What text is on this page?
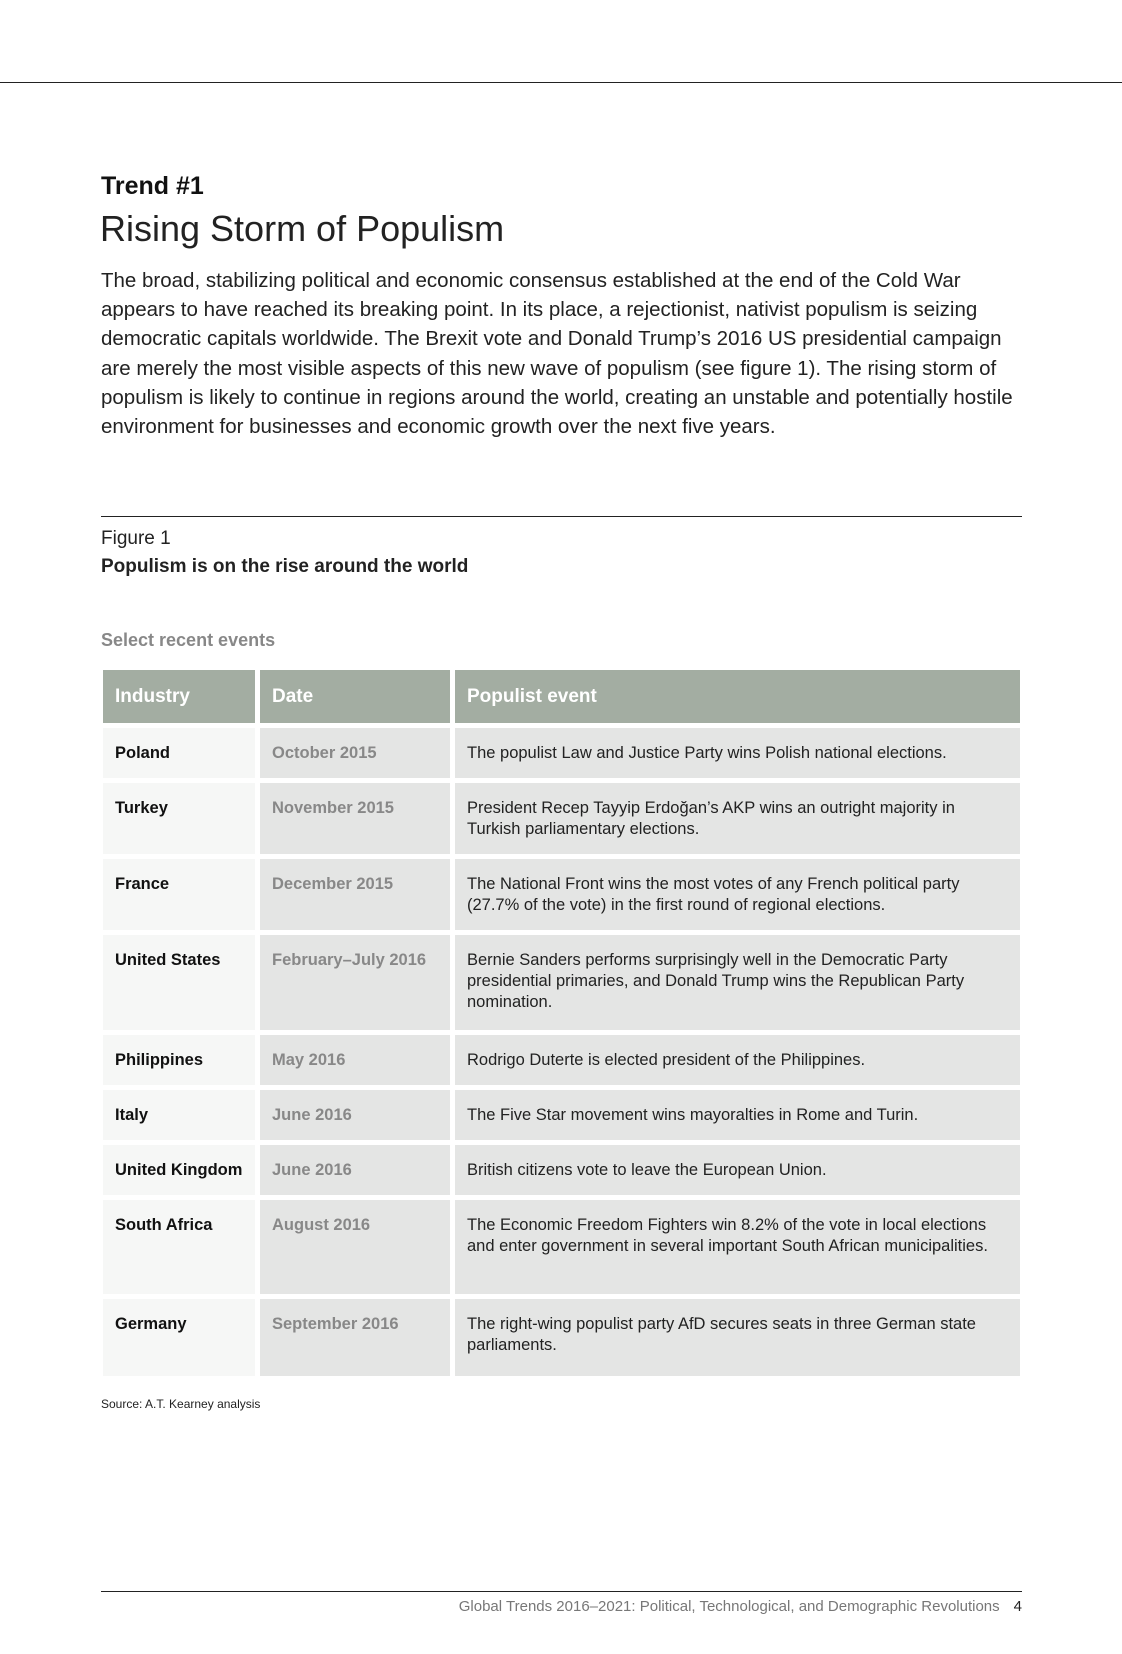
Trend #1
Rising Storm of Populism
The broad, stabilizing political and economic consensus established at the end of the Cold War appears to have reached its breaking point. In its place, a rejectionist, nativist populism is seizing democratic capitals worldwide. The Brexit vote and Donald Trump’s 2016 US presidential campaign are merely the most visible aspects of this new wave of populism (see figure 1). The rising storm of populism is likely to continue in regions around the world, creating an unstable and potentially hostile environment for businesses and economic growth over the next five years.
Figure 1
Populism is on the rise around the world
Select recent events
Industry	Date	Populist event
Poland	October 2015	The populist Law and Justice Party wins Polish national elections.
Turkey	November 2015	President Recep Tayyip Erdoğan’s AKP wins an outright majority in Turkish parliamentary elections.
France	December 2015	The National Front wins the most votes of any French political party (27.7% of the vote) in the first round of regional elections.
United States	February–July 2016	Bernie Sanders performs surprisingly well in the Democratic Party presidential primaries, and Donald Trump wins the Republican Party nomination.
Philippines	May 2016	Rodrigo Duterte is elected president of the Philippines.
Italy	June 2016	The Five Star movement wins mayoralties in Rome and Turin.
United Kingdom	June 2016	British citizens vote to leave the European Union.
South Africa	August 2016	The Economic Freedom Fighters win 8.2% of the vote in local elections and enter government in several important South African municipalities.
Germany	September 2016	The right-wing populist party AfD secures seats in three German state parliaments.
Source: A.T. Kearney analysis
Global Trends 2016–2021: Political, Technological, and Demographic Revolutions 4
